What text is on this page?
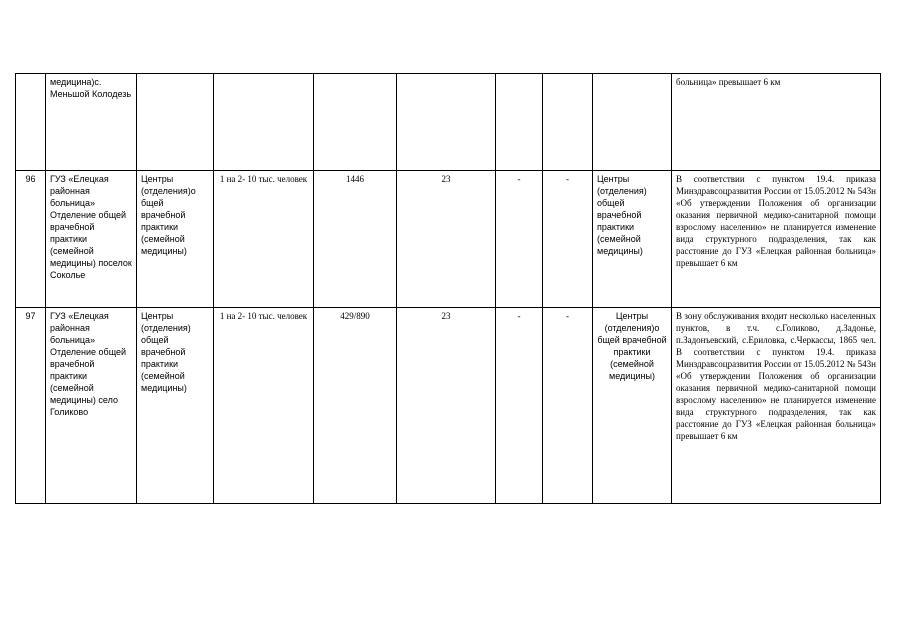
	медицина)с. Меньшой Колодезь								больница» превышает 6 км
96	ГУЗ «Елецкая районная больница» Отделение общей врачебной практики (семейной медицины) поселок Сокольe	Центры (отделения)о бщей врачебной практики (семейной медицины)	1 на 2- 10 тыс. человек	1446	23	-	-	Центры (отделения) общей врачебной практики (семейной медицины)	В соответствии с пунктом 19.4. приказа Минздравсоцразвития России от 15.05.2012 № 543н «Об утверждении Положения об организации оказания первичной медико-санитарной помощи взрослому населению» не планируется изменение вида структурного подразделения, так как расстояние до ГУЗ «Елецкая районная больница» превышает 6 км
97	ГУЗ «Елецкая районная больница» Отделение общей врачебной практики (семейной медицины) село Голиково	Центры (отделения) общей врачебной практики (семейной медицины)	1 на 2- 10 тыс. человек	429/890	23	-	-	Центры (отделения)о бщей врачебной практики (семейной медицины)	В зону обслуживания входит несколько населенных пунктов, в т.ч. с.Голиково, д.Задонье, п.Задонъевский, с.Ериловка, с.Черкассы, 1865 чел. В соответствии с пунктом 19.4. приказа Минздравсоцразвития России от 15.05.2012 № 543н «Об утверждении Положения об организации оказания первичной медико-санитарной помощи взрослому населению» не планируется изменение вида структурного подразделения, так как расстояние до ГУЗ «Елецкая районная больница» превышает 6 км
